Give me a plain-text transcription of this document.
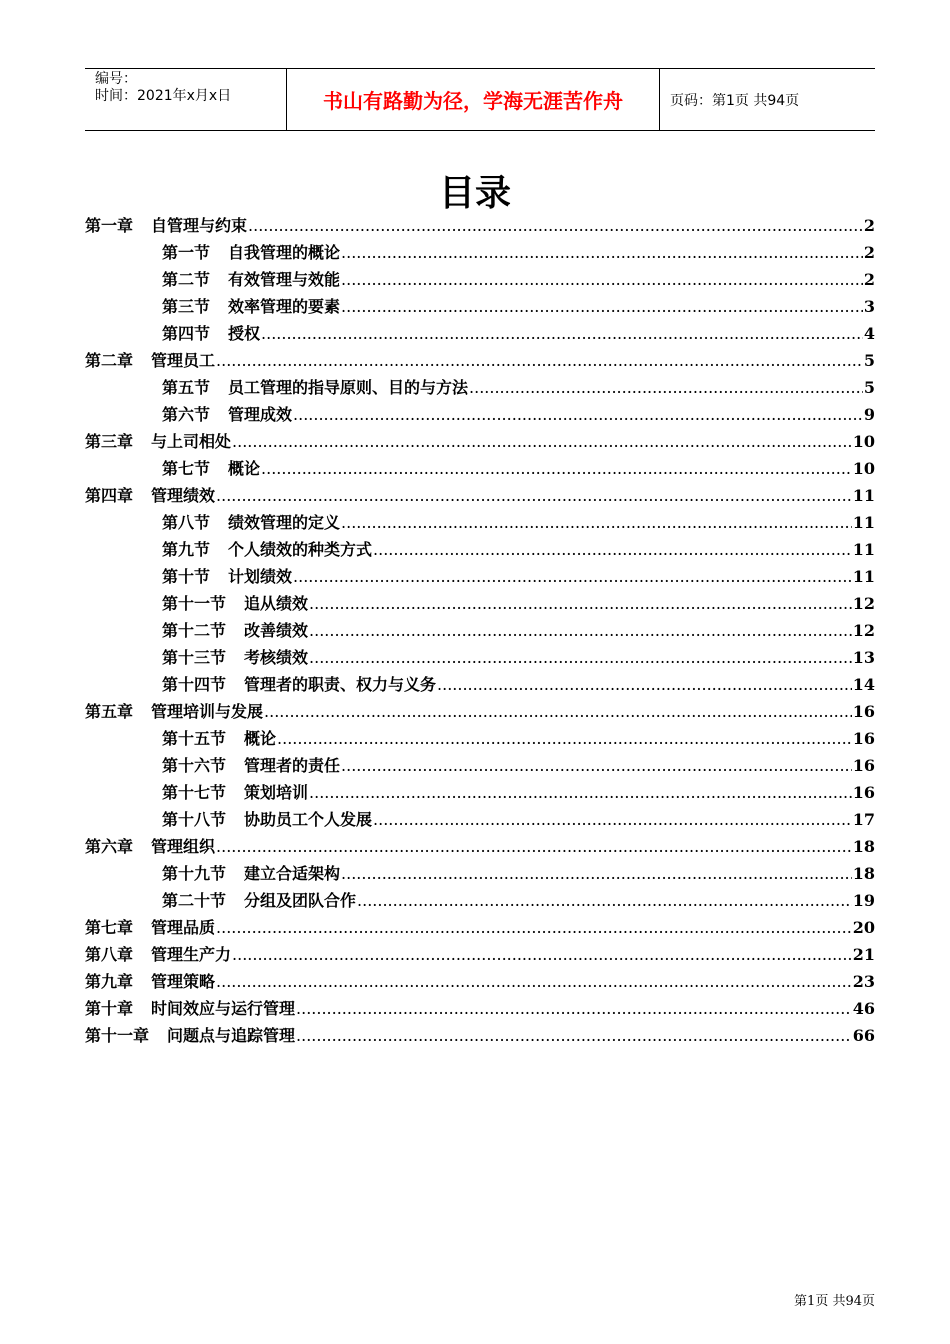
编号：
时间：2021年x月x日	书山有路勤为径，学海无涯苦作舟	页码：第1页 共94页
目录
第一章 自管理与约束 .....	2
第一节 自我管理的概论 .....	2
第二节 有效管理与效能 .....	2
第三节 效率管理的要素 .....	3
第四节 授权 .....	4
第二章 管理员工 .....	5
第五节 员工管理的指导原则、目的与方法 .....	5
第六节 管理成效 .....	9
第三章 与上司相处 .....	10
第七节 概论 .....	10
第四章 管理绩效 .....	11
第八节 绩效管理的定义 .....	11
第九节 个人绩效的种类方式 .....	11
第十节 计划绩效 .....	11
第十一节 追从绩效 .....	12
第十二节 改善绩效 .....	12
第十三节 考核绩效 .....	13
第十四节 管理者的职责、权力与义务 .....	14
第五章 管理培训与发展 .....	16
第十五节 概论 .....	16
第十六节 管理者的责任 .....	16
第十七节 策划培训 .....	16
第十八节 协助员工个人发展 .....	17
第六章 管理组织 .....	18
第十九节 建立合适架构 .....	18
第二十节 分组及团队合作 .....	19
第七章 管理品质 .....	20
第八章 管理生产力 .....	21
第九章 管理策略 .....	23
第十章 时间效应与运行管理 .....	46
第十一章 问题点与追踪管理 .....	66
第1页 共94页
